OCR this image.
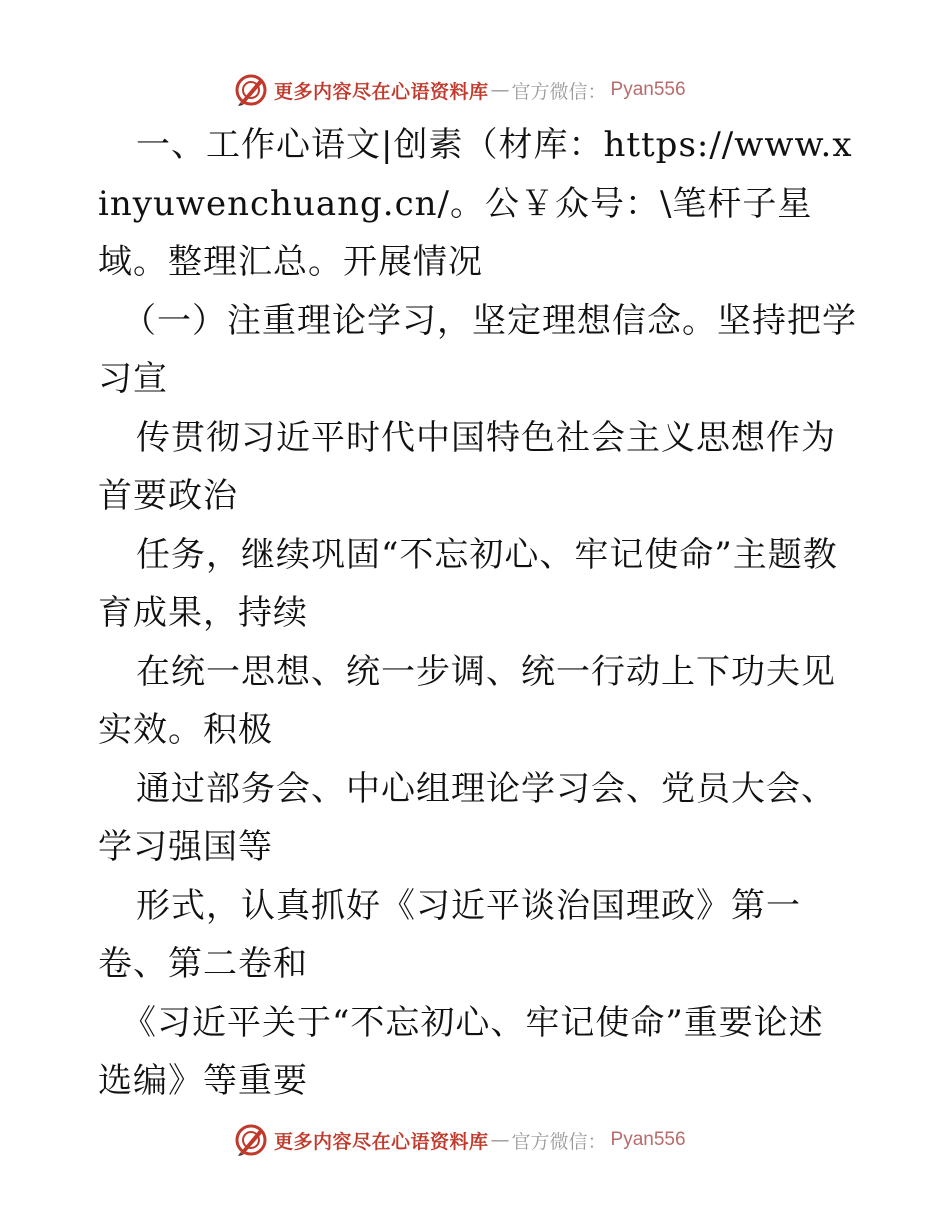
更多内容尽在心语资料库 — 官方微信： Pyan556

一、工作心语文|创素（材库：https://www.xinyuwenchuang.cn/。公￥众号：\笔杆子星域。整理汇总。开展情况

（一）注重理论学习，坚定理想信念。坚持把学习宣

传贯彻习近平时代中国特色社会主义思想作为首要政治

任务，继续巩固“不忘初心、牢记使命”主题教育成果，持续

在统一思想、统一步调、统一行动上下功夫见实效。积极

通过部务会、中心组理论学习会、党员大会、学习强国等

形式，认真抓好《习近平谈治国理政》第一卷、第二卷和

《习近平关于“不忘初心、牢记使命”重要论述选编》等重要

更多内容尽在心语资料库 — 官方微信： Pyan556
